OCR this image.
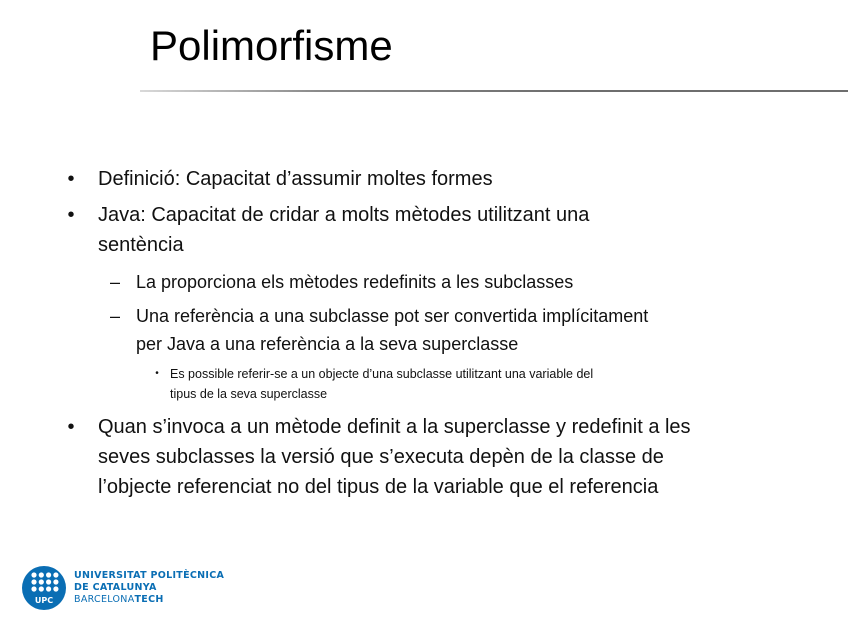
Polimorfisme
• Definició: Capacitat d’assumir moltes formes
• Java: Capacitat de cridar a molts mètodes utilitzant una
sentència
– La proporciona els mètodes redefinits a les subclasses
– Una referència a una subclasse pot ser convertida implícitament
per Java a una referència a la seva superclasse
• Es possible referir-se a un objecte d’una subclasse utilitzant una variable del
tipus de la seva superclasse
• Quan s’invoca a un mètode definit a la superclasse y redefinit a les
seves subclasses la versió que s’executa depèn de la classe de
l’objecte referenciat no del tipus de la variable que el referencia
UPC
UNIVERSITAT POLITÈCNICA
DE CATALUNYA
BARCELONATECH
